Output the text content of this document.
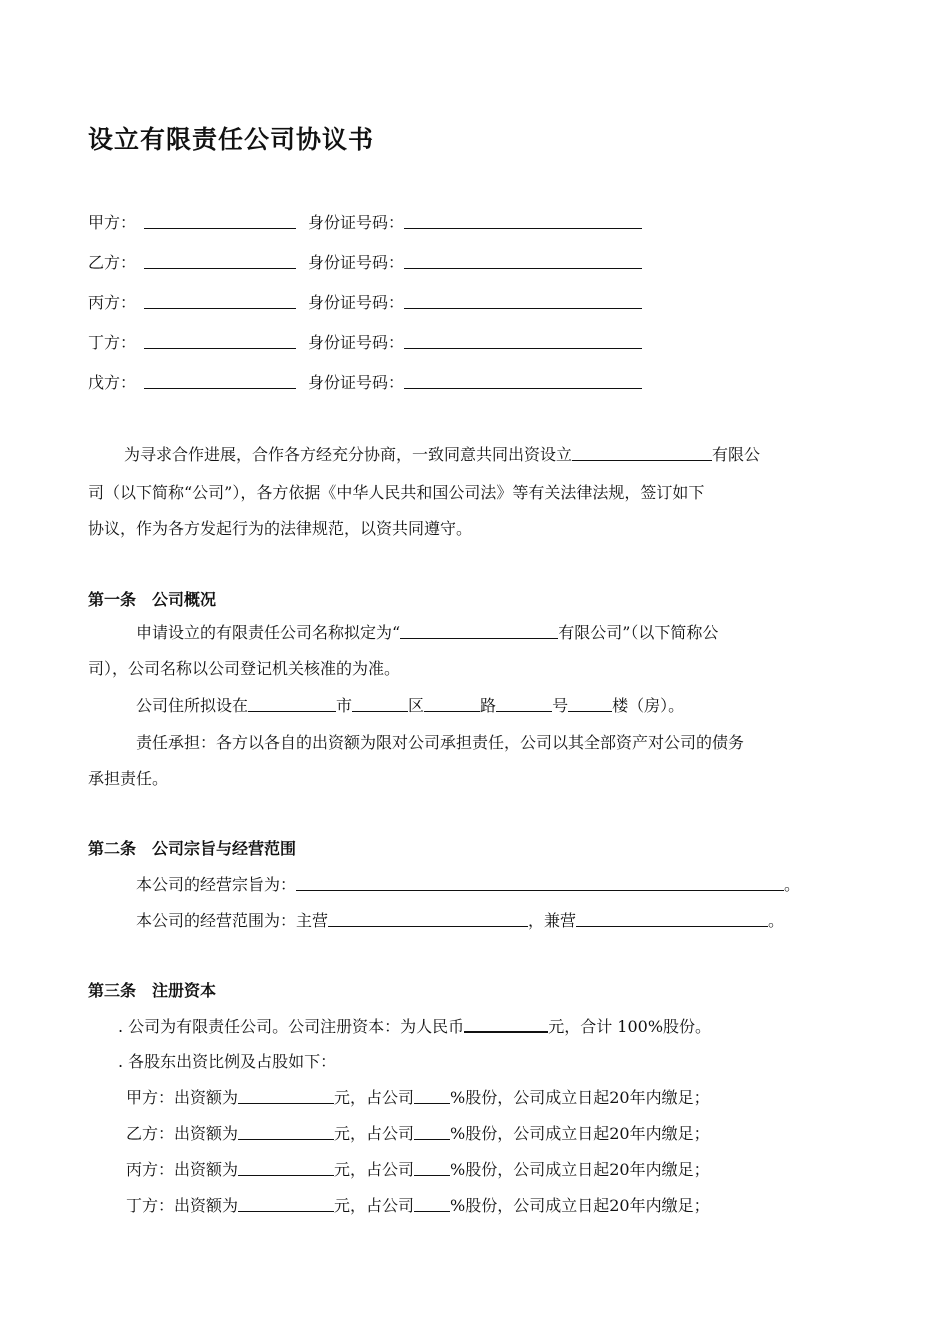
设立有限责任公司协议书
甲方：	身份证号码：
乙方：	身份证号码：
丙方：	身份证号码：
丁方：	身份证号码：
戊方：	身份证号码：
为寻求合作进展，合作各方经充分协商，一致同意共同出资设立	有限公
司（以下简称“公司”），各方依据《中华人民共和国公司法》等有关法律法规，签订如下
协议，作为各方发起行为的法律规范，以资共同遵守。
第一条　公司概况
申请设立的有限责任公司名称拟定为“	有限公司”（以下简称公
司），公司名称以公司登记机关核准的为准。
公司住所拟设在	市	区	路	号	楼（房）。
责任承担：各方以各自的出资额为限对公司承担责任，公司以其全部资产对公司的债务
承担责任。
第二条　公司宗旨与经营范围
本公司的经营宗旨为：	。
本公司的经营范围为：主营	，兼营	。
第三条　注册资本
. 公司为有限责任公司。公司注册资本：为人民币	元，合计 100%股份。
. 各股东出资比例及占股如下：
甲方：出资额为	元，占公司 %股份，公司成立日起20年内缴足；
乙方：出资额为	元，占公司 %股份，公司成立日起20年内缴足；
丙方：出资额为	元，占公司 %股份，公司成立日起20年内缴足；
丁方：出资额为	元，占公司 %股份，公司成立日起20年内缴足；
